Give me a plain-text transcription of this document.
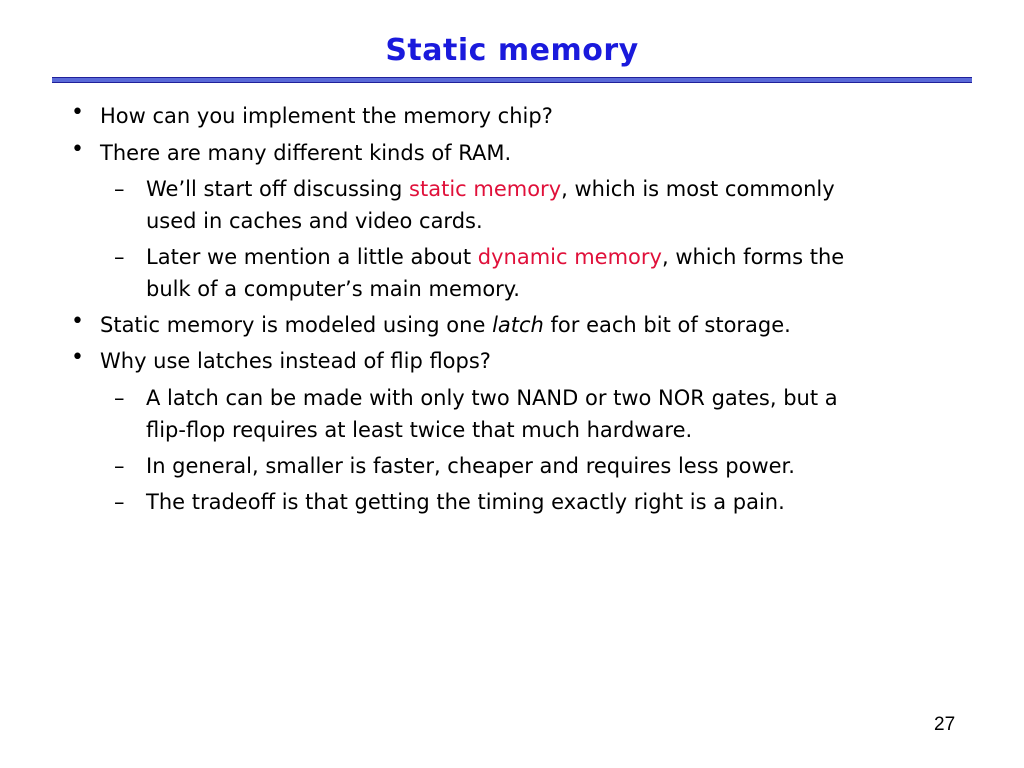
Static memory
• How can you implement the memory chip?
• There are many different kinds of RAM.
– We’ll start off discussing static memory, which is most commonly
used in caches and video cards.
– Later we mention a little about dynamic memory, which forms the
bulk of a computer’s main memory.
• Static memory is modeled using one latch for each bit of storage.
• Why use latches instead of flip flops?
– A latch can be made with only two NAND or two NOR gates, but a
flip-flop requires at least twice that much hardware.
– In general, smaller is faster, cheaper and requires less power.
– The tradeoff is that getting the timing exactly right is a pain.
27
